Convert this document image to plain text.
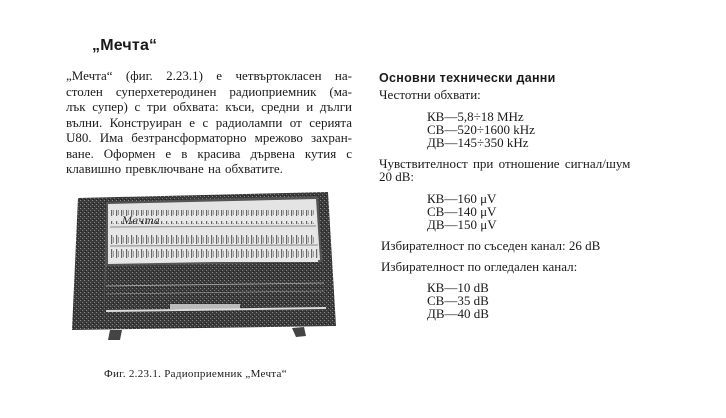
„Мечта“
„Мечта“ (фиг. 2.23.1) е четвъртокласен на-
столен суперхетеродинен радиоприемник (ма-
лък супер) с три обхвата: къси, средни и дълги
вълни. Конструиран е с радиолампи от серията
U80. Има безтрансформаторно мрежово захран-
ване. Оформен е в красива дървена кутия с
клавишно превключване на обхватите.
Мечта
Фиг. 2.23.1. Радиоприемник „Мечта“
Основни технически данни
Честотни обхвати:
КВ—5,8÷18 MHz
СВ—520÷1600 kHz
ДВ—145÷350 kHz
Чувствителност при отношение сигнал/шум
20 dB:
КВ—160 μV
СВ—140 μV
ДВ—150 μV
Избирателност по съседен канал: 26 dB
Избирателност по огледален канал:
КВ—10 dB
СВ—35 dB
ДВ—40 dB
